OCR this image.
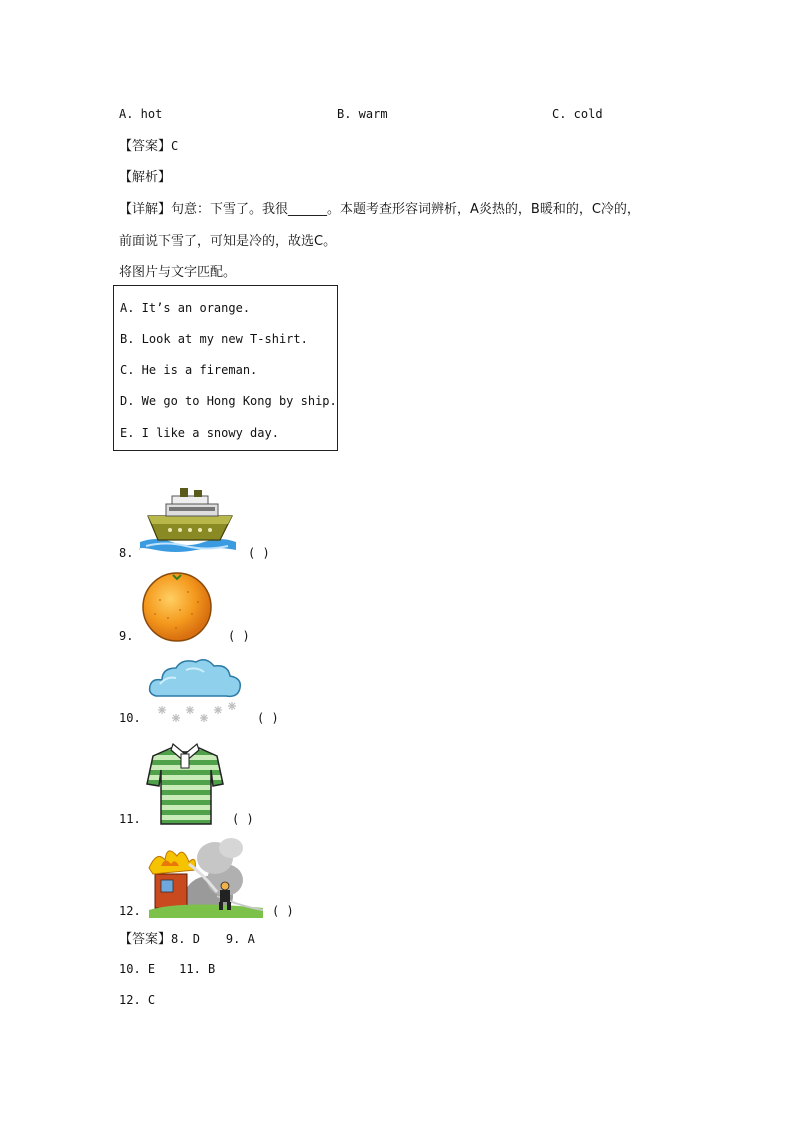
A. hot	B. warm	C. cold
【答案】C
【解析】
【详解】句意：下雪了。我很______。本题考查形容词辨析，A炎热的，B暖和的，C冷的，
前面说下雪了，可知是冷的，故选C。
将图片与文字匹配。
A. It’s an orange.
B. Look at my new T-shirt.
C. He is a fireman.
D. We go to Hong Kong by ship.
E. I like a snowy day.
8.	( )
9.	( )
10.	( )
11.	( )
12.	( )
【答案】8. D 9. A
10. E 11. B
12. C
